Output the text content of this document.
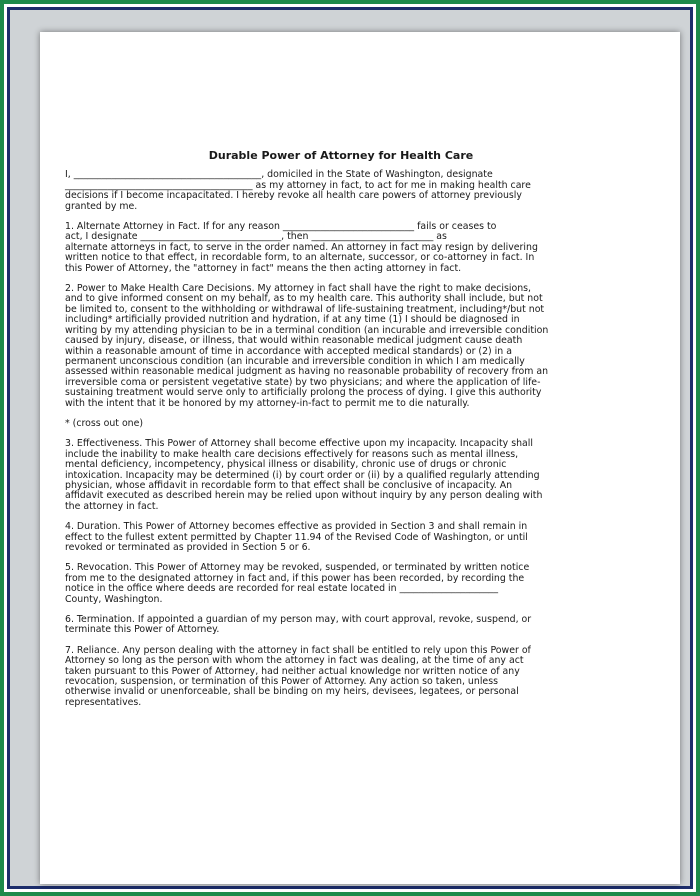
Durable Power of Attorney for Health Care

I, ________________________________________, domiciled in the State of Washington, designate
________________________________________ as my attorney in fact, to act for me in making health care
decisions if I become incapacitated. I hereby revoke all health care powers of attorney previously
granted by me.

1. Alternate Attorney in Fact. If for any reason ____________________________ fails or ceases to
act, I designate ______________________________, then __________________________ as
alternate attorneys in fact, to serve in the order named. An attorney in fact may resign by delivering
written notice to that effect, in recordable form, to an alternate, successor, or co-attorney in fact. In
this Power of Attorney, the "attorney in fact" means the then acting attorney in fact.

2. Power to Make Health Care Decisions. My attorney in fact shall have the right to make decisions,
and to give informed consent on my behalf, as to my health care. This authority shall include, but not
be limited to, consent to the withholding or withdrawal of life-sustaining treatment, including*/but not
including* artificially provided nutrition and hydration, if at any time (1) I should be diagnosed in
writing by my attending physician to be in a terminal condition (an incurable and irreversible condition
caused by injury, disease, or illness, that would within reasonable medical judgment cause death
within a reasonable amount of time in accordance with accepted medical standards) or (2) in a
permanent unconscious condition (an incurable and irreversible condition in which I am medically
assessed within reasonable medical judgment as having no reasonable probability of recovery from an
irreversible coma or persistent vegetative state) by two physicians; and where the application of life-
sustaining treatment would serve only to artificially prolong the process of dying. I give this authority
with the intent that it be honored by my attorney-in-fact to permit me to die naturally.

* (cross out one)

3. Effectiveness. This Power of Attorney shall become effective upon my incapacity. Incapacity shall
include the inability to make health care decisions effectively for reasons such as mental illness,
mental deficiency, incompetency, physical illness or disability, chronic use of drugs or chronic
intoxication. Incapacity may be determined (i) by court order or (ii) by a qualified regularly attending
physician, whose affidavit in recordable form to that effect shall be conclusive of incapacity. An
affidavit executed as described herein may be relied upon without inquiry by any person dealing with
the attorney in fact.

4. Duration. This Power of Attorney becomes effective as provided in Section 3 and shall remain in
effect to the fullest extent permitted by Chapter 11.94 of the Revised Code of Washington, or until
revoked or terminated as provided in Section 5 or 6.

5. Revocation. This Power of Attorney may be revoked, suspended, or terminated by written notice
from me to the designated attorney in fact and, if this power has been recorded, by recording the
notice in the office where deeds are recorded for real estate located in _____________________
County, Washington.

6. Termination. If appointed a guardian of my person may, with court approval, revoke, suspend, or
terminate this Power of Attorney.

7. Reliance. Any person dealing with the attorney in fact shall be entitled to rely upon this Power of
Attorney so long as the person with whom the attorney in fact was dealing, at the time of any act
taken pursuant to this Power of Attorney, had neither actual knowledge nor written notice of any
revocation, suspension, or termination of this Power of Attorney. Any action so taken, unless
otherwise invalid or unenforceable, shall be binding on my heirs, devisees, legatees, or personal
representatives.
